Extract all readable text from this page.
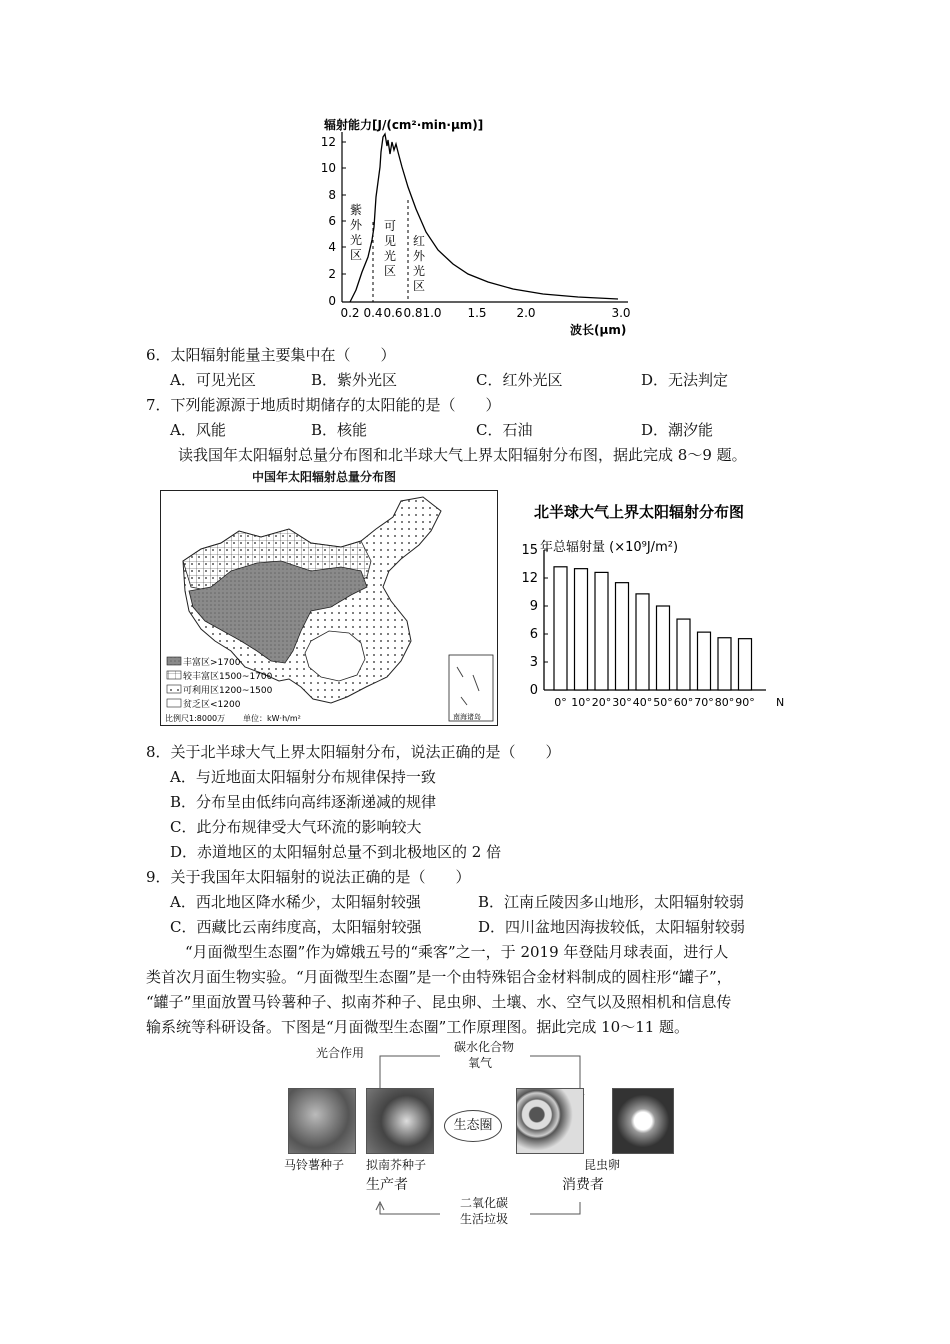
辐射能力[J/(cm²·min·μm)]
12
10
8
6
4
2
0
0.2 0.4 0.6 0.8 1.0 1.5 2.0	3.0
波长(μm)
紫
外
光
区
可
见
光
区
红
外
光
区
6．太阳辐射能量主要集中在（　　）
A．可见光区	B．紫外光区	C．红外光区	D．无法判定
7．下列能源源于地质时期储存的太阳能的是（　　）
A．风能	B．核能	C．石油	D．潮汐能
读我国年太阳辐射总量分布图和北半球大气上界太阳辐射分布图，据此完成 8～9 题。
中国年太阳辐射总量分布图
南海诸岛
丰富区>1700
较丰富区1500~1700
可利用区1200~1500
贫乏区<1200
比例尺1:8000万 单位：kW·h/m²
北半球大气上界太阳辐射分布图
年总辐射量 (×10⁹J/m²)
15
12
9
6
3
0
0° 10° 20° 30° 40° 50° 60° 70° 80° 90° N
8．关于北半球大气上界太阳辐射分布，说法正确的是（　　）
A．与近地面太阳辐射分布规律保持一致
B．分布呈由低纬向高纬逐渐递减的规律
C．此分布规律受大气环流的影响较大
D．赤道地区的太阳辐射总量不到北极地区的 2 倍
9．关于我国年太阳辐射的说法正确的是（　　）
A．西北地区降水稀少，太阳辐射较强	B．江南丘陵因多山地形，太阳辐射较弱
C．西藏比云南纬度高，太阳辐射较强	D．四川盆地因海拔较低，太阳辐射较弱
“月面微型生态圈”作为嫦娥五号的“乘客”之一，于 2019 年登陆月球表面，进行人
类首次月面生物实验。“月面微型生态圈”是一个由特殊铝合金材料制成的圆柱形“罐子”，
“罐子”里面放置马铃薯种子、拟南芥种子、昆虫卵、土壤、水、空气以及照相机和信息传
输系统等科研设备。下图是“月面微型生态圈”工作原理图。据此完成 10～11 题。
光合作用	碳水化合物
氧气
生态圈
马铃薯种子 拟南芥种子	昆虫卵
生产者	消费者
二氧化碳
生活垃圾
